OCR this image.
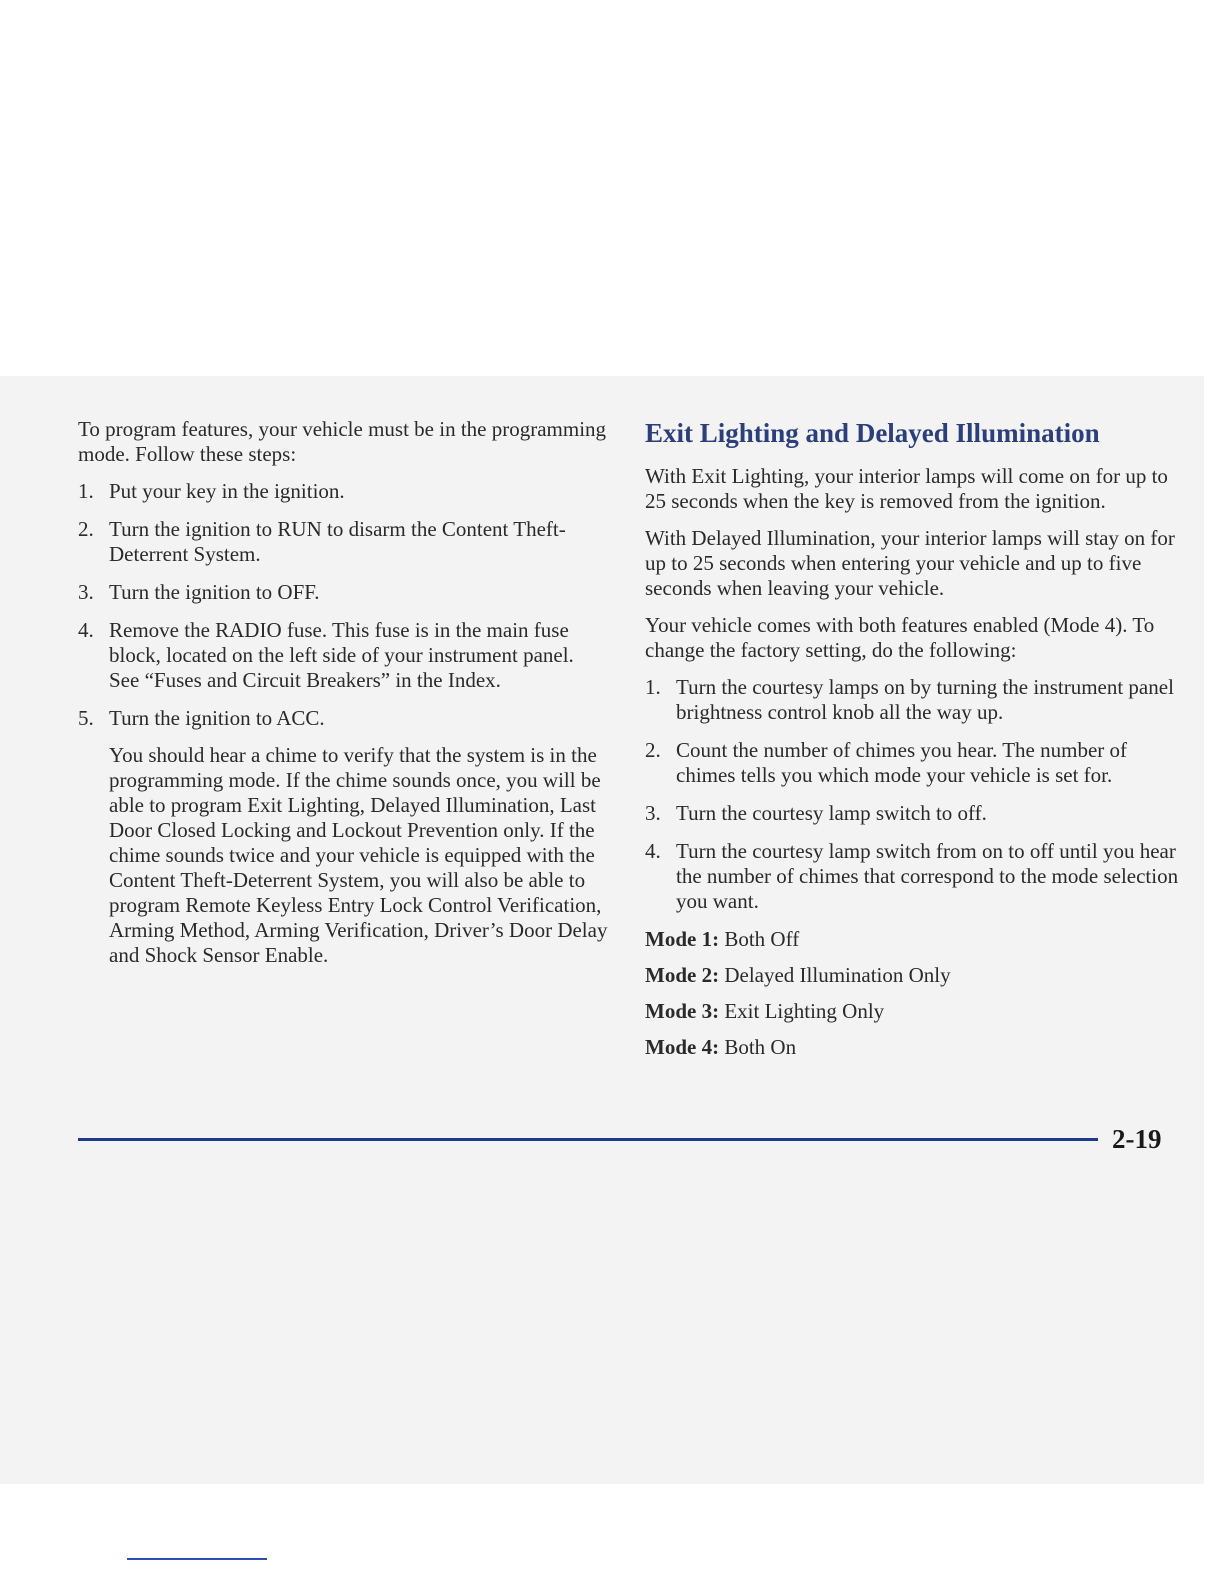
To program features, your vehicle must be in the programming mode. Follow these steps:

1. Put your key in the ignition.
2. Turn the ignition to RUN to disarm the Content Theft-Deterrent System.
3. Turn the ignition to OFF.
4. Remove the RADIO fuse. This fuse is in the main fuse block, located on the left side of your instrument panel. See “Fuses and Circuit Breakers” in the Index.
5. Turn the ignition to ACC.

You should hear a chime to verify that the system is in the programming mode. If the chime sounds once, you will be able to program Exit Lighting, Delayed Illumination, Last Door Closed Locking and Lockout Prevention only. If the chime sounds twice and your vehicle is equipped with the Content Theft-Deterrent System, you will also be able to program Remote Keyless Entry Lock Control Verification, Arming Method, Arming Verification, Driver’s Door Delay and Shock Sensor Enable.

Exit Lighting and Delayed Illumination

With Exit Lighting, your interior lamps will come on for up to 25 seconds when the key is removed from the ignition.

With Delayed Illumination, your interior lamps will stay on for up to 25 seconds when entering your vehicle and up to five seconds when leaving your vehicle.

Your vehicle comes with both features enabled (Mode 4). To change the factory setting, do the following:

1. Turn the courtesy lamps on by turning the instrument panel brightness control knob all the way up.
2. Count the number of chimes you hear. The number of chimes tells you which mode your vehicle is set for.
3. Turn the courtesy lamp switch to off.
4. Turn the courtesy lamp switch from on to off until you hear the number of chimes that correspond to the mode selection you want.
Mode 1: Both Off
Mode 2: Delayed Illumination Only
Mode 3: Exit Lighting Only
Mode 4: Both On
2-19
